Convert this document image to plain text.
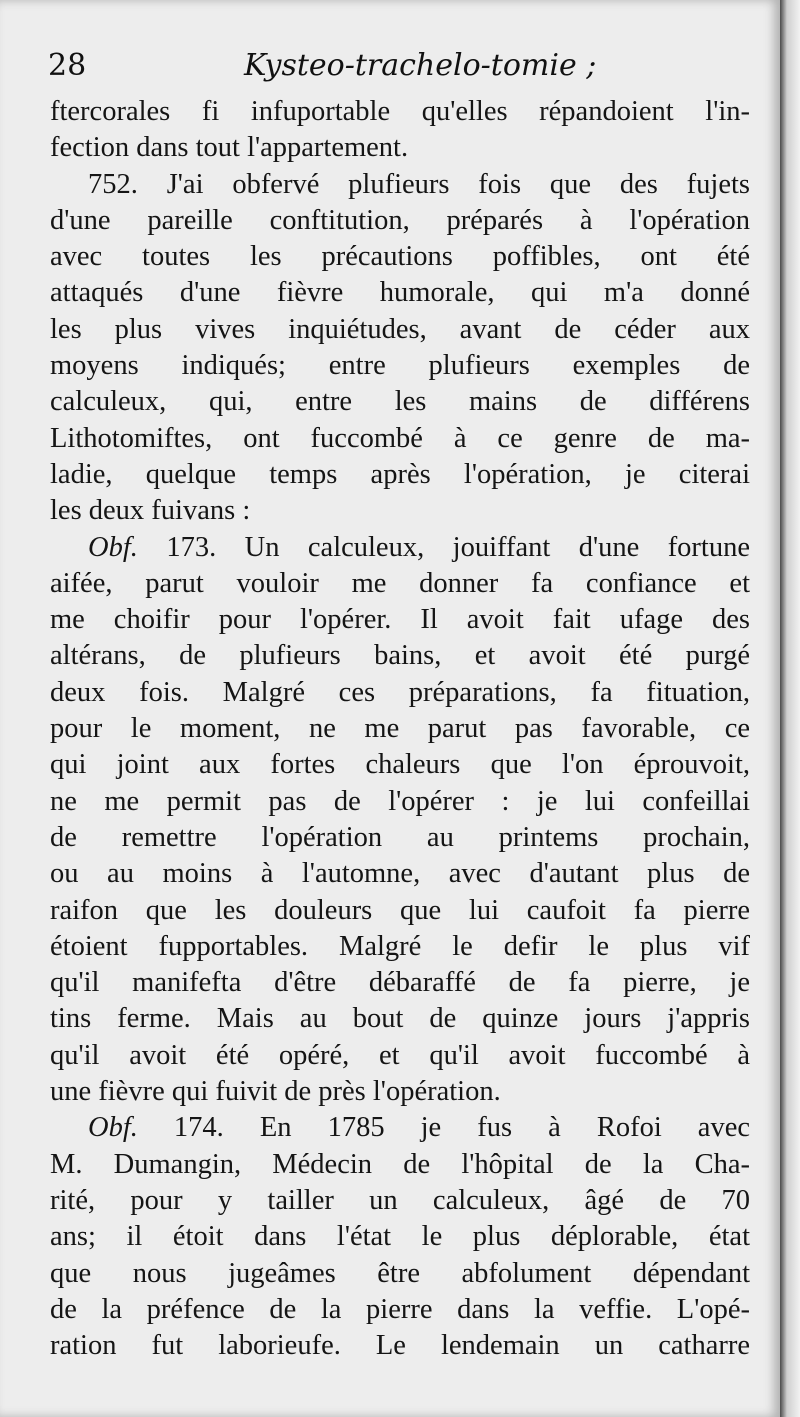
28	Kysteo-trachelo-tomie ;
ftercorales fi infuportable qu'elles répandoient l'in-
fection dans tout l'appartement.
752. J'ai obfervé plufieurs fois que des fujets
d'une pareille conftitution, préparés à l'opération
avec toutes les précautions poffibles, ont été
attaqués d'une fièvre humorale, qui m'a donné
les plus vives inquiétudes, avant de céder aux
moyens indiqués; entre plufieurs exemples de
calculeux, qui, entre les mains de différens
Lithotomiftes, ont fuccombé à ce genre de ma-
ladie, quelque temps après l'opération, je citerai
les deux fuivans :
Obf. 173. Un calculeux, jouiffant d'une fortune
aifée, parut vouloir me donner fa confiance et
me choifir pour l'opérer. Il avoit fait ufage des
altérans, de plufieurs bains, et avoit été purgé
deux fois. Malgré ces préparations, fa fituation,
pour le moment, ne me parut pas favorable, ce
qui joint aux fortes chaleurs que l'on éprouvoit,
ne me permit pas de l'opérer : je lui confeillai
de remettre l'opération au printems prochain,
ou au moins à l'automne, avec d'autant plus de
raifon que les douleurs que lui caufoit fa pierre
étoient fupportables. Malgré le defir le plus vif
qu'il manifefta d'être débaraffé de fa pierre, je
tins ferme. Mais au bout de quinze jours j'appris
qu'il avoit été opéré, et qu'il avoit fuccombé à
une fièvre qui fuivit de près l'opération.
Obf. 174. En 1785 je fus à Rofoi avec
M. Dumangin, Médecin de l'hôpital de la Cha-
rité, pour y tailler un calculeux, âgé de 70
ans; il étoit dans l'état le plus déplorable, état
que nous jugeâmes être abfolument dépendant
de la préfence de la pierre dans la veffie. L'opé-
ration fut laborieufe. Le lendemain un catharre
